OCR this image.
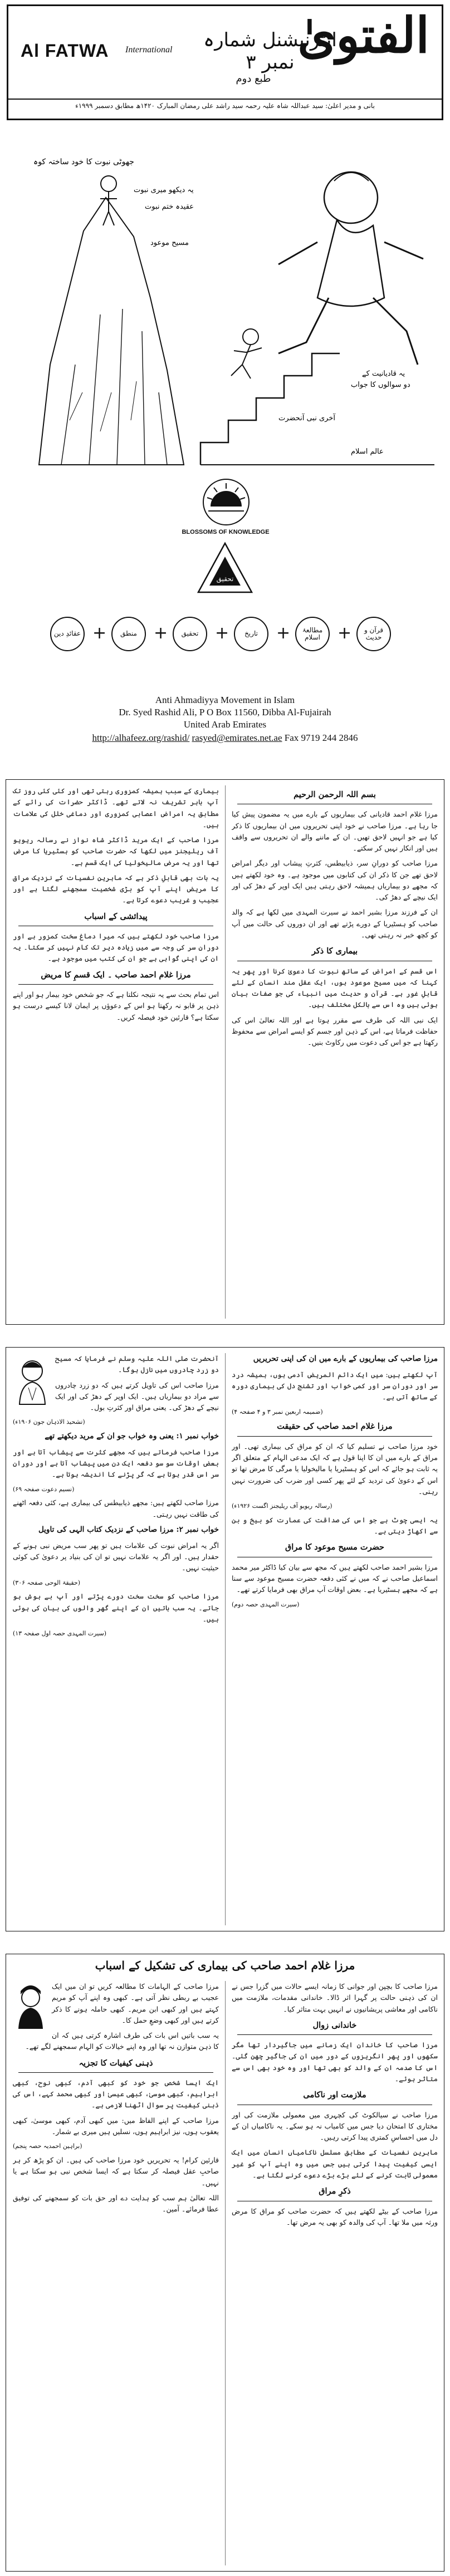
الفتویٰ
Al FATWA International	انٹرنیشنل شمارہ نمبر ۳
طبع دوم
بانی و مدیر اعلیٰ: سید عبداللہ شاہ علیہ رحمہ سید راشد علی رمضان المبارک ۱۴۲۰ھ مطابق دسمبر ۱۹۹۹ء
جھوٹی نبوت کا خود ساختہ کوہ
یہ دیکھو میری نبوت
عقیدہ ختم نبوت
مسیح موعود
یہ قادیانیت کے
دو سوالوں کا جواب
آخری نبی آنحضرت
عالم اسلام
BLOSSOMS OF KNOWLEDGE
تحقیق
عقائدِ دین +	منطق	+	تحقیق +	تاریخ	+	مطالعۂ اسلام	+	قرآن و حدیث
Anti Ahmadiyya Movement in Islam
Dr. Syed Rashid Ali, P O Box 11560, Dibba Al-Fujairah
United Arab Emirates
http://alhafeez.org/rashid/ rasyed@emirates.net.ae Fax 9719 244 2846
بسم اللہ الرحمن الرحیم

مرزا غلام احمد قادیانی کی بیماریوں کے بارے میں یہ مضمون پیش کیا جا رہا ہے۔ مرزا صاحب نے خود اپنی تحریروں میں ان بیماریوں کا ذکر کیا ہے جو انہیں لاحق تھیں۔ ان کے ماننے والے ان تحریروں سے واقف ہیں اور انکار نہیں کر سکتے۔

مرزا صاحب کو دورانِ سر، ذیابیطس، کثرتِ پیشاب اور دیگر امراض لاحق تھے جن کا ذکر ان کی کتابوں میں موجود ہے۔ وہ خود لکھتے ہیں کہ مجھے دو بیماریاں ہمیشہ لاحق رہتی ہیں ایک اوپر کے دھڑ کی اور ایک نیچے کے دھڑ کی۔

ان کے فرزند مرزا بشیر احمد نے سیرت المہدی میں لکھا ہے کہ والد صاحب کو ہسٹیریا کے دورے پڑتے تھے اور ان دوروں کی حالت میں آپ کو کچھ خبر نہ رہتی تھی۔

بیماری کا ذکر

اس قسم کے امراض کے ساتھ نبوت کا دعویٰ کرنا اور پھر یہ کہنا کہ میں مسیح موعود ہوں، ایک عقل مند انسان کے لئے قابلِ غور ہے۔ قرآن و حدیث میں انبیاء کی جو صفات بیان ہوئی ہیں وہ اس سے بالکل مختلف ہیں۔

ایک نبی اللہ کی طرف سے مقرر ہوتا ہے اور اللہ تعالیٰ اس کی حفاظت فرماتا ہے، اس کے ذہن اور جسم کو ایسے امراض سے محفوظ رکھتا ہے جو اس کی دعوت میں رکاوٹ بنیں۔

بیماری کے سبب ہمیشہ کمزوری رہتی تھی اور کئی کئی روز تک آپ باہر تشریف نہ لاتے تھے۔ ڈاکٹر حضرات کی رائے کے مطابق یہ امراض اعصابی کمزوری اور دماغی خلل کی علامات ہیں۔

مرزا صاحب کے ایک مرید ڈاکٹر شاہ نواز نے رسالہ ریویو آف ریلیجنز میں لکھا کہ حضرت صاحب کو ہسٹیریا کا مرض تھا اور یہ مرض مالیخولیا کی ایک قسم ہے۔

یہ بات بھی قابلِ ذکر ہے کہ ماہرینِ نفسیات کے نزدیک مراق کا مریض اپنے آپ کو بڑی شخصیت سمجھنے لگتا ہے اور عجیب و غریب دعوے کرتا ہے۔

پیدائشی کے اسباب

مرزا صاحب خود لکھتے ہیں کہ میرا دماغ سخت کمزور ہے اور دورانِ سر کی وجہ سے میں زیادہ دیر تک کام نہیں کر سکتا۔ یہ ان کی اپنی گواہی ہے جو ان کی کتب میں موجود ہے۔

مرزا غلام احمد صاحب ۔ ایک قسمِ کا مریض

اس تمام بحث سے یہ نتیجہ نکلتا ہے کہ جو شخص خود بیمار ہو اور اپنے ذہن پر قابو نہ رکھتا ہو اس کے دعوؤں پر ایمان لانا کیسے درست ہو سکتا ہے؟ قارئین خود فیصلہ کریں۔

مرزا صاحب کی بیماریوں کے بارے میں ان کی اپنی تحریریں

آپ لکھتے ہیں: میں ایک دائم المریض آدمی ہوں، ہمیشہ درد سر اور دوران سر اور کمی خواب اور تشنج دل کی بیماری دورہ کے ساتھ آتی ہے۔

(ضمیمہ اربعین نمبر ۳ و ۴ صفحہ ۴)
مرزا غلام احمد صاحب کی حقیقت

خود مرزا صاحب نے تسلیم کیا کہ ان کو مراق کی بیماری تھی۔ اور مراق کے بارے میں ان کا اپنا قول ہے کہ ایک مدعی الہام کے متعلق اگر یہ ثابت ہو جائے کہ اس کو ہسٹیریا یا مالیخولیا یا مرگی کا مرض تھا تو اس کے دعویٰ کی تردید کے لئے پھر کسی اور ضرب کی ضرورت نہیں رہتی۔

(رسالہ ریویو آف ریلیجنز اگست ۱۹۲۶ء)

یہ ایسی چوٹ ہے جو اس کی صداقت کی عمارت کو بیخ و بن سے اکھاڑ دیتی ہے۔

حضرت مسیح موعود کا مراق

مرزا بشیر احمد صاحب لکھتے ہیں کہ مجھ سے بیان کیا ڈاکٹر میر محمد اسماعیل صاحب نے کہ میں نے کئی دفعہ حضرت مسیح موعود سے سنا ہے کہ مجھے ہسٹیریا ہے۔ بعض اوقات آپ مراق بھی فرمایا کرتے تھے۔

(سیرت المہدی حصہ دوم)

آنحضرت صلی اللہ علیہ وسلم نے فرمایا کہ مسیح دو زرد چادروں میں نازل ہوگا۔

مرزا صاحب اس کی تاویل کرتے ہیں کہ دو زرد چادروں سے مراد دو بیماریاں ہیں۔ ایک اوپر کے دھڑ کی اور ایک نیچے کے دھڑ کی۔ یعنی مراق اور کثرتِ بول۔

(تشحیذ الاذہان جون ۱۹۰۶ء)

خواب نمبر ۱: یعنی وہ خواب جو ان کے مرید دیکھتے تھے

مرزا صاحب فرماتے ہیں کہ مجھے کثرت سے پیشاب آتا ہے اور بعض اوقات سو سو دفعہ ایک دن میں پیشاب آتا ہے اور دورانِ سر اس قدر ہوتا ہے کہ گر پڑنے کا اندیشہ ہوتا ہے۔

(نسیم دعوت صفحہ ۶۹)

مرزا صاحب لکھتے ہیں: مجھے ذیابیطس کی بیماری ہے، کئی دفعہ اٹھنے کی طاقت نہیں رہتی۔

خواب نمبر ۲: مرزا صاحب کے نزدیک کتاب الہی کی تاویل

اگر یہ امراض نبوت کی علامات ہیں تو پھر سب مریض نبی ہونے کے حقدار ہیں۔ اور اگر یہ علامات نہیں تو ان کی بنیاد پر دعویٰ کی کوئی حیثیت نہیں۔

(حقیقۃ الوحی صفحہ ۳۰۶)

مرزا صاحب کو سخت سخت دورے پڑتے اور آپ بے ہوش ہو جاتے۔ یہ سب باتیں ان کے اپنے گھر والوں کی بیان کی ہوئی ہیں۔

(سیرت المہدی حصہ اول صفحہ ۱۳)
مرزا غلام احمد صاحب کی بیماری کی تشکیل کے اسباب

مرزا صاحب کا بچپن اور جوانی کا زمانہ ایسے حالات میں گزرا جس نے ان کی ذہنی حالت پر گہرا اثر ڈالا۔ خاندانی مقدمات، ملازمت میں ناکامی اور معاشی پریشانیوں نے انہیں بہت متاثر کیا۔

خاندانی زوال

مرزا صاحب کا خاندان ایک زمانے میں جاگیردار تھا مگر سکھوں اور پھر انگریزوں کے دور میں ان کی جاگیر چھن گئی۔ اس کا صدمہ ان کے والد کو بھی تھا اور وہ خود بھی اس سے متاثر ہوئے۔

ملازمت اور ناکامی

مرزا صاحب نے سیالکوٹ کی کچہری میں معمولی ملازمت کی اور مختاری کا امتحان دیا جس میں کامیاب نہ ہو سکے۔ یہ ناکامیاں ان کے دل میں احساسِ کمتری پیدا کرتی رہیں۔

ماہرینِ نفسیات کے مطابق مسلسل ناکامیاں انسان میں ایک ایسی کیفیت پیدا کرتی ہیں جس میں وہ اپنے آپ کو غیر معمولی ثابت کرنے کے لئے بڑے بڑے دعوے کرنے لگتا ہے۔

ذکرِ مراق

مرزا صاحب کے بیٹے لکھتے ہیں کہ حضرت صاحب کو مراق کا مرض ورثہ میں ملا تھا۔ آپ کی والدہ کو بھی یہ مرض تھا۔

مرزا صاحب کے الہامات کا مطالعہ کریں تو ان میں ایک عجیب بے ربطی نظر آتی ہے۔ کبھی وہ اپنے آپ کو مریم کہتے ہیں اور کبھی ابن مریم۔ کبھی حاملہ ہونے کا ذکر کرتے ہیں اور کبھی وضعِ حمل کا۔

یہ سب باتیں اس بات کی طرف اشارہ کرتی ہیں کہ ان کا ذہن متوازن نہ تھا اور وہ اپنے خیالات کو الہام سمجھنے لگے تھے۔

ذہنی کیفیات کا تجزیہ

ایک ایسا شخص جو خود کو کبھی آدم، کبھی نوح، کبھی ابراہیم، کبھی موسیٰ، کبھی عیسیٰ اور کبھی محمد کہے، اس کی ذہنی کیفیت پر سوال اٹھنا لازمی ہے۔

مرزا صاحب کے اپنے الفاظ میں: میں کبھی آدم، کبھی موسیٰ، کبھی یعقوب ہوں، نیز ابراہیم ہوں، نسلیں ہیں میری بے شمار۔

(براہین احمدیہ حصہ پنجم)

قارئین کرام! یہ تحریریں خود مرزا صاحب کی ہیں۔ ان کو پڑھ کر ہر صاحبِ عقل فیصلہ کر سکتا ہے کہ ایسا شخص نبی ہو سکتا ہے یا نہیں۔

اللہ تعالیٰ ہم سب کو ہدایت دے اور حق بات کو سمجھنے کی توفیق عطا فرمائے۔ آمین۔
